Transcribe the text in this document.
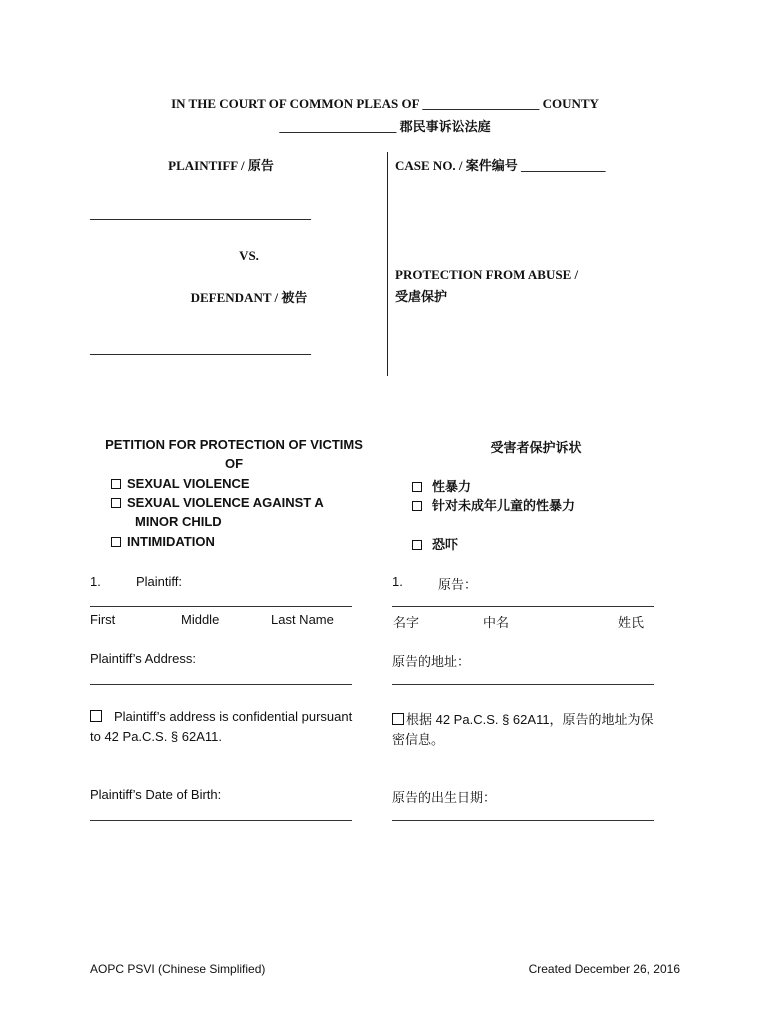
IN THE COURT OF COMMON PLEAS OF __________________ COUNTY
__________________ 郡民事诉讼法庭
PLAINTIFF / 原告
__________________________________
VS.
DEFENDANT / 被告
__________________________________
CASE NO. / 案件编号 _____________
PROTECTION FROM ABUSE /
受虐保护
PETITION FOR PROTECTION OF VICTIMS
OF
受害者保护诉状
SEXUAL VIOLENCE
SEXUAL VIOLENCE AGAINST A
MINOR CHILD
INTIMIDATION
性暴力
针对未成年儿童的性暴力
恐吓
1.	Plaintiff:	1.	原告：
First	Middle	Last Name	名字	中名	姓氏
Plaintiff’s Address:	原告的地址：
Plaintiff’s address is confidential pursuant
to 42 Pa.C.S. § 62A11.
根据 42 Pa.C.S. § 62A11，原告的地址为保
密信息。
Plaintiff’s Date of Birth:	原告的出生日期：
AOPC PSVI (Chinese Simplified)	Created December 26, 2016
